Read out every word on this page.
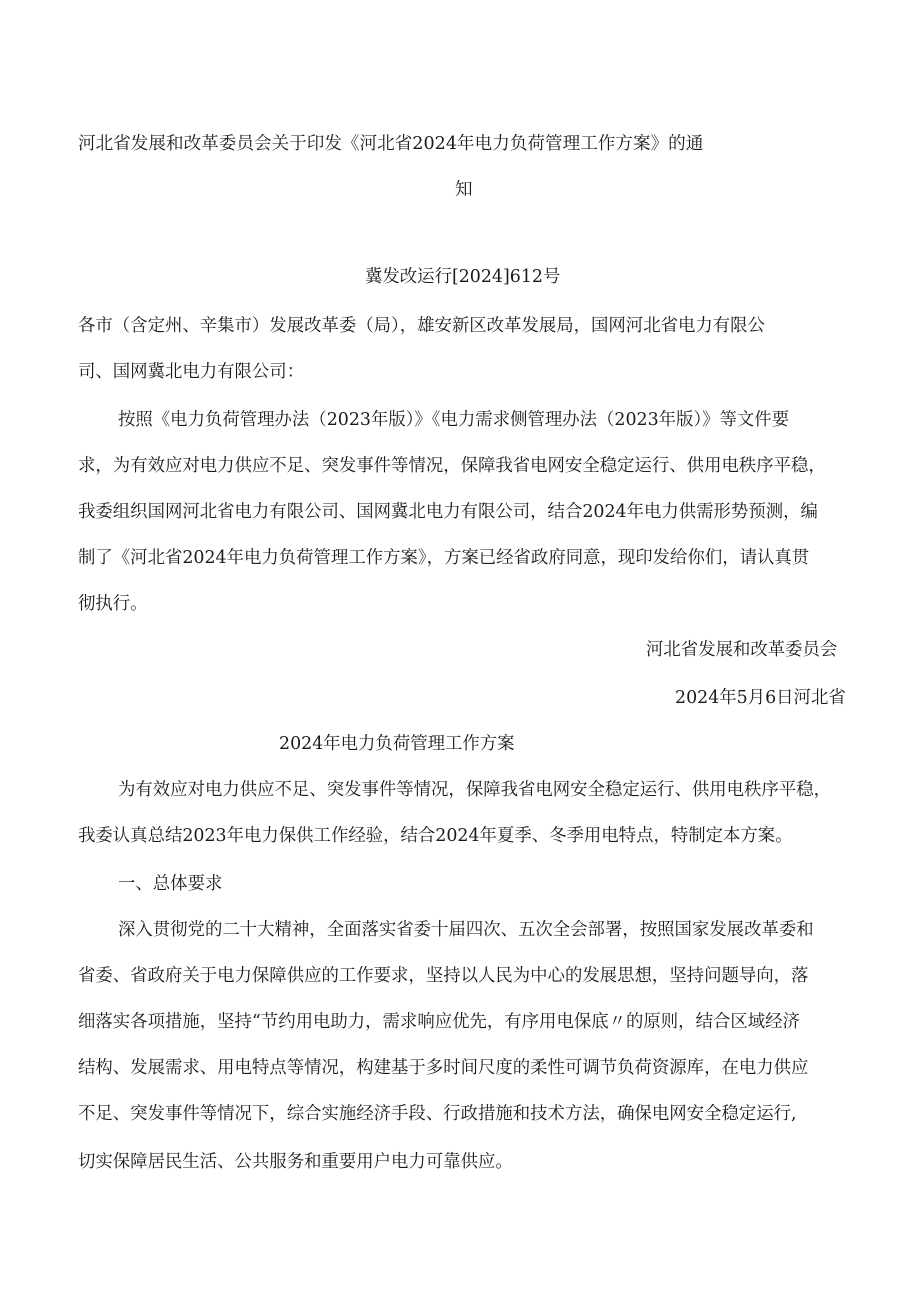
河北省发展和改革委员会关于印发《河北省2024年电力负荷管理工作方案》的通

知

冀发改运行[2024]612号

各市（含定州、辛集市）发展改革委（局），雄安新区改革发展局，国网河北省电力有限公

司、国网冀北电力有限公司：

按照《电力负荷管理办法（2023年版）》《电力需求侧管理办法（2023年版）》等文件要

求，为有效应对电力供应不足、突发事件等情况，保障我省电网安全稳定运行、供用电秩序平稳，

我委组织国网河北省电力有限公司、国网冀北电力有限公司，结合2024年电力供需形势预测，编

制了《河北省2024年电力负荷管理工作方案》，方案已经省政府同意，现印发给你们，请认真贯

彻执行。

河北省发展和改革委员会

2024年5月6日河北省

2024年电力负荷管理工作方案

为有效应对电力供应不足、突发事件等情况，保障我省电网安全稳定运行、供用电秩序平稳，

我委认真总结2023年电力保供工作经验，结合2024年夏季、冬季用电特点，特制定本方案。

一、总体要求

深入贯彻党的二十大精神，全面落实省委十届四次、五次全会部署，按照国家发展改革委和

省委、省政府关于电力保障供应的工作要求，坚持以人民为中心的发展思想，坚持问题导向，落

细落实各项措施，坚持“节约用电助力，需求响应优先，有序用电保底〃的原则，结合区域经济

结构、发展需求、用电特点等情况，构建基于多时间尺度的柔性可调节负荷资源库，在电力供应

不足、突发事件等情况下，综合实施经济手段、行政措施和技术方法，确保电网安全稳定运行,

切实保障居民生活、公共服务和重要用户电力可靠供应。
